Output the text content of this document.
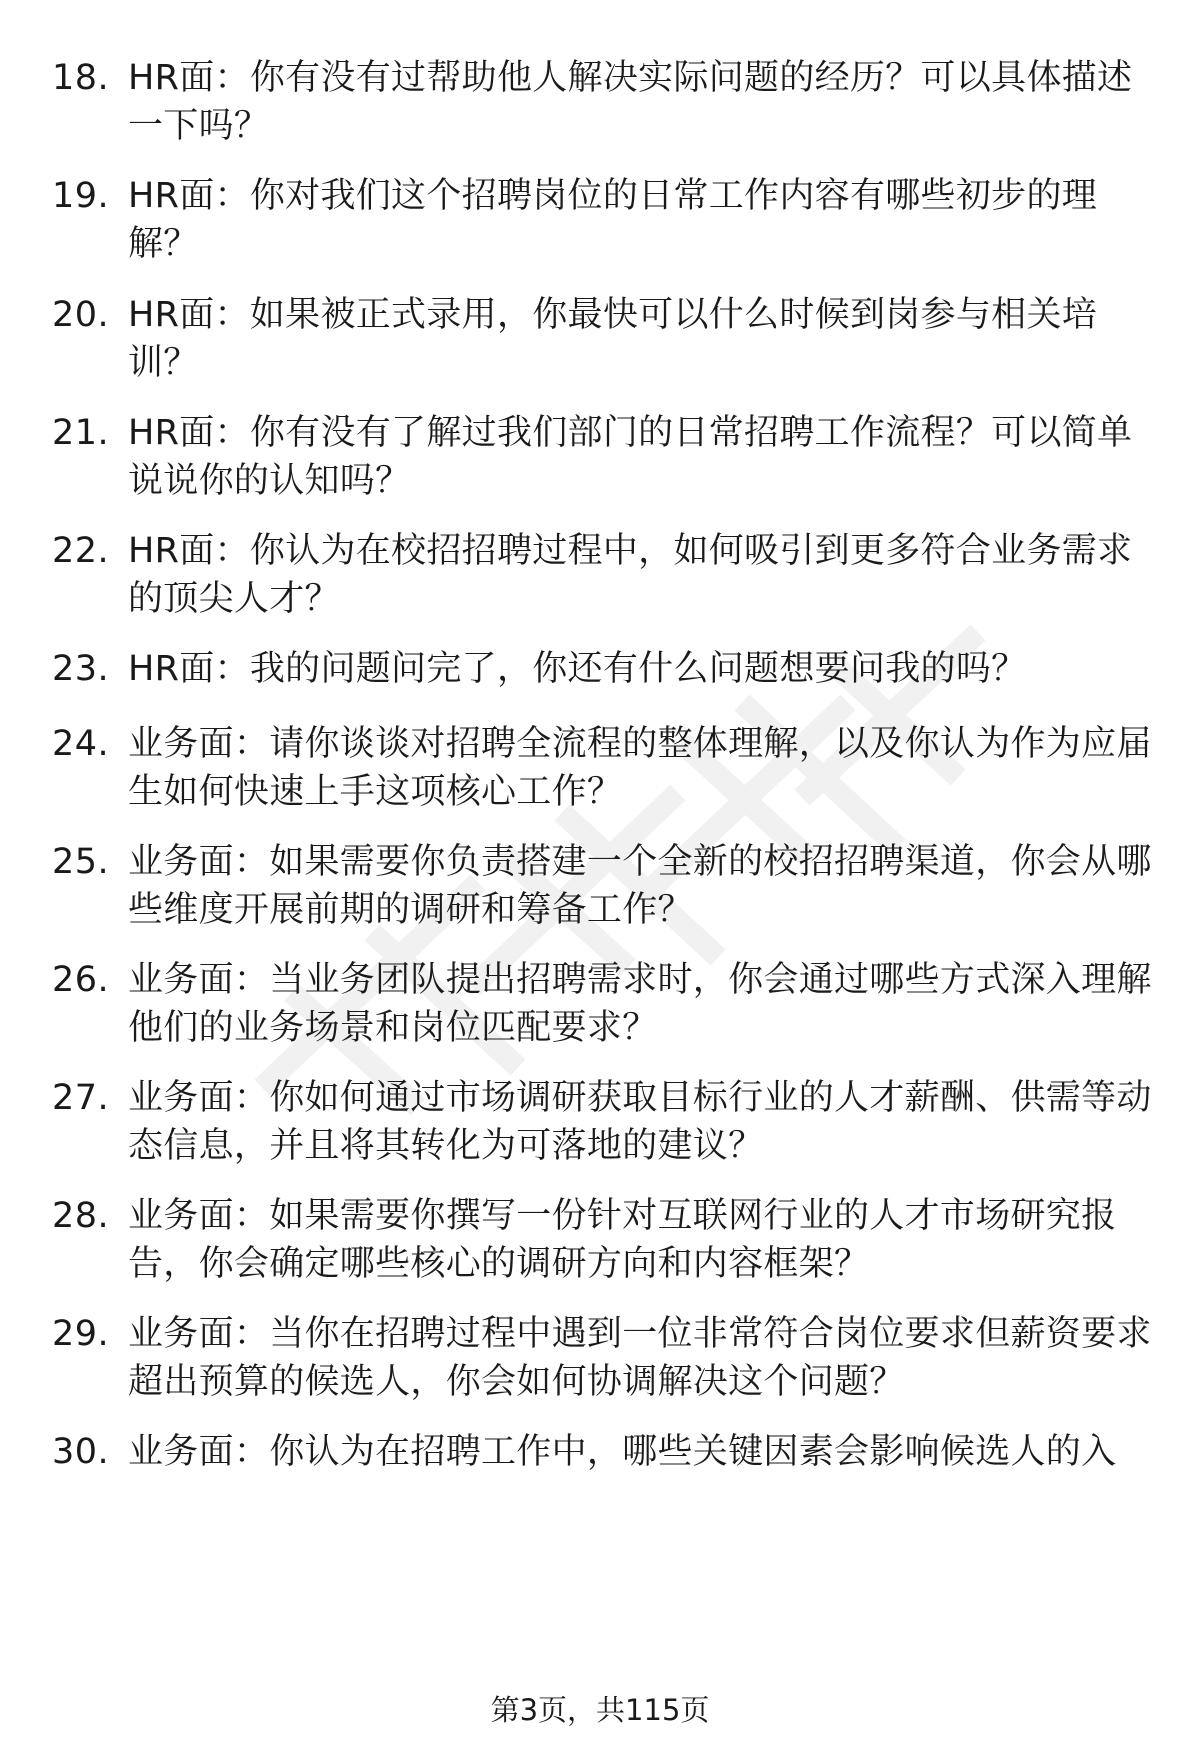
18. HR面：你有没有过帮助他人解决实际问题的经历？可以具体描述一下吗？
19. HR面：你对我们这个招聘岗位的日常工作内容有哪些初步的理解？
20. HR面：如果被正式录用，你最快可以什么时候到岗参与相关培训？
21. HR面：你有没有了解过我们部门的日常招聘工作流程？可以简单说说你的认知吗？
22. HR面：你认为在校招招聘过程中，如何吸引到更多符合业务需求的顶尖人才？
23. HR面：我的问题问完了，你还有什么问题想要问我的吗？
24. 业务面：请你谈谈对招聘全流程的整体理解，以及你认为作为应届生如何快速上手这项核心工作？
25. 业务面：如果需要你负责搭建一个全新的校招招聘渠道，你会从哪些维度开展前期的调研和筹备工作？
26. 业务面：当业务团队提出招聘需求时，你会通过哪些方式深入理解他们的业务场景和岗位匹配要求？
27. 业务面：你如何通过市场调研获取目标行业的人才薪酬、供需等动态信息，并且将其转化为可落地的建议？
28. 业务面：如果需要你撰写一份针对互联网行业的人才市场研究报告，你会确定哪些核心的调研方向和内容框架？
29. 业务面：当你在招聘过程中遇到一位非常符合岗位要求但薪资要求超出预算的候选人，你会如何协调解决这个问题？
30. 业务面：你认为在招聘工作中，哪些关键因素会影响候选人的入
第3页，共115页
